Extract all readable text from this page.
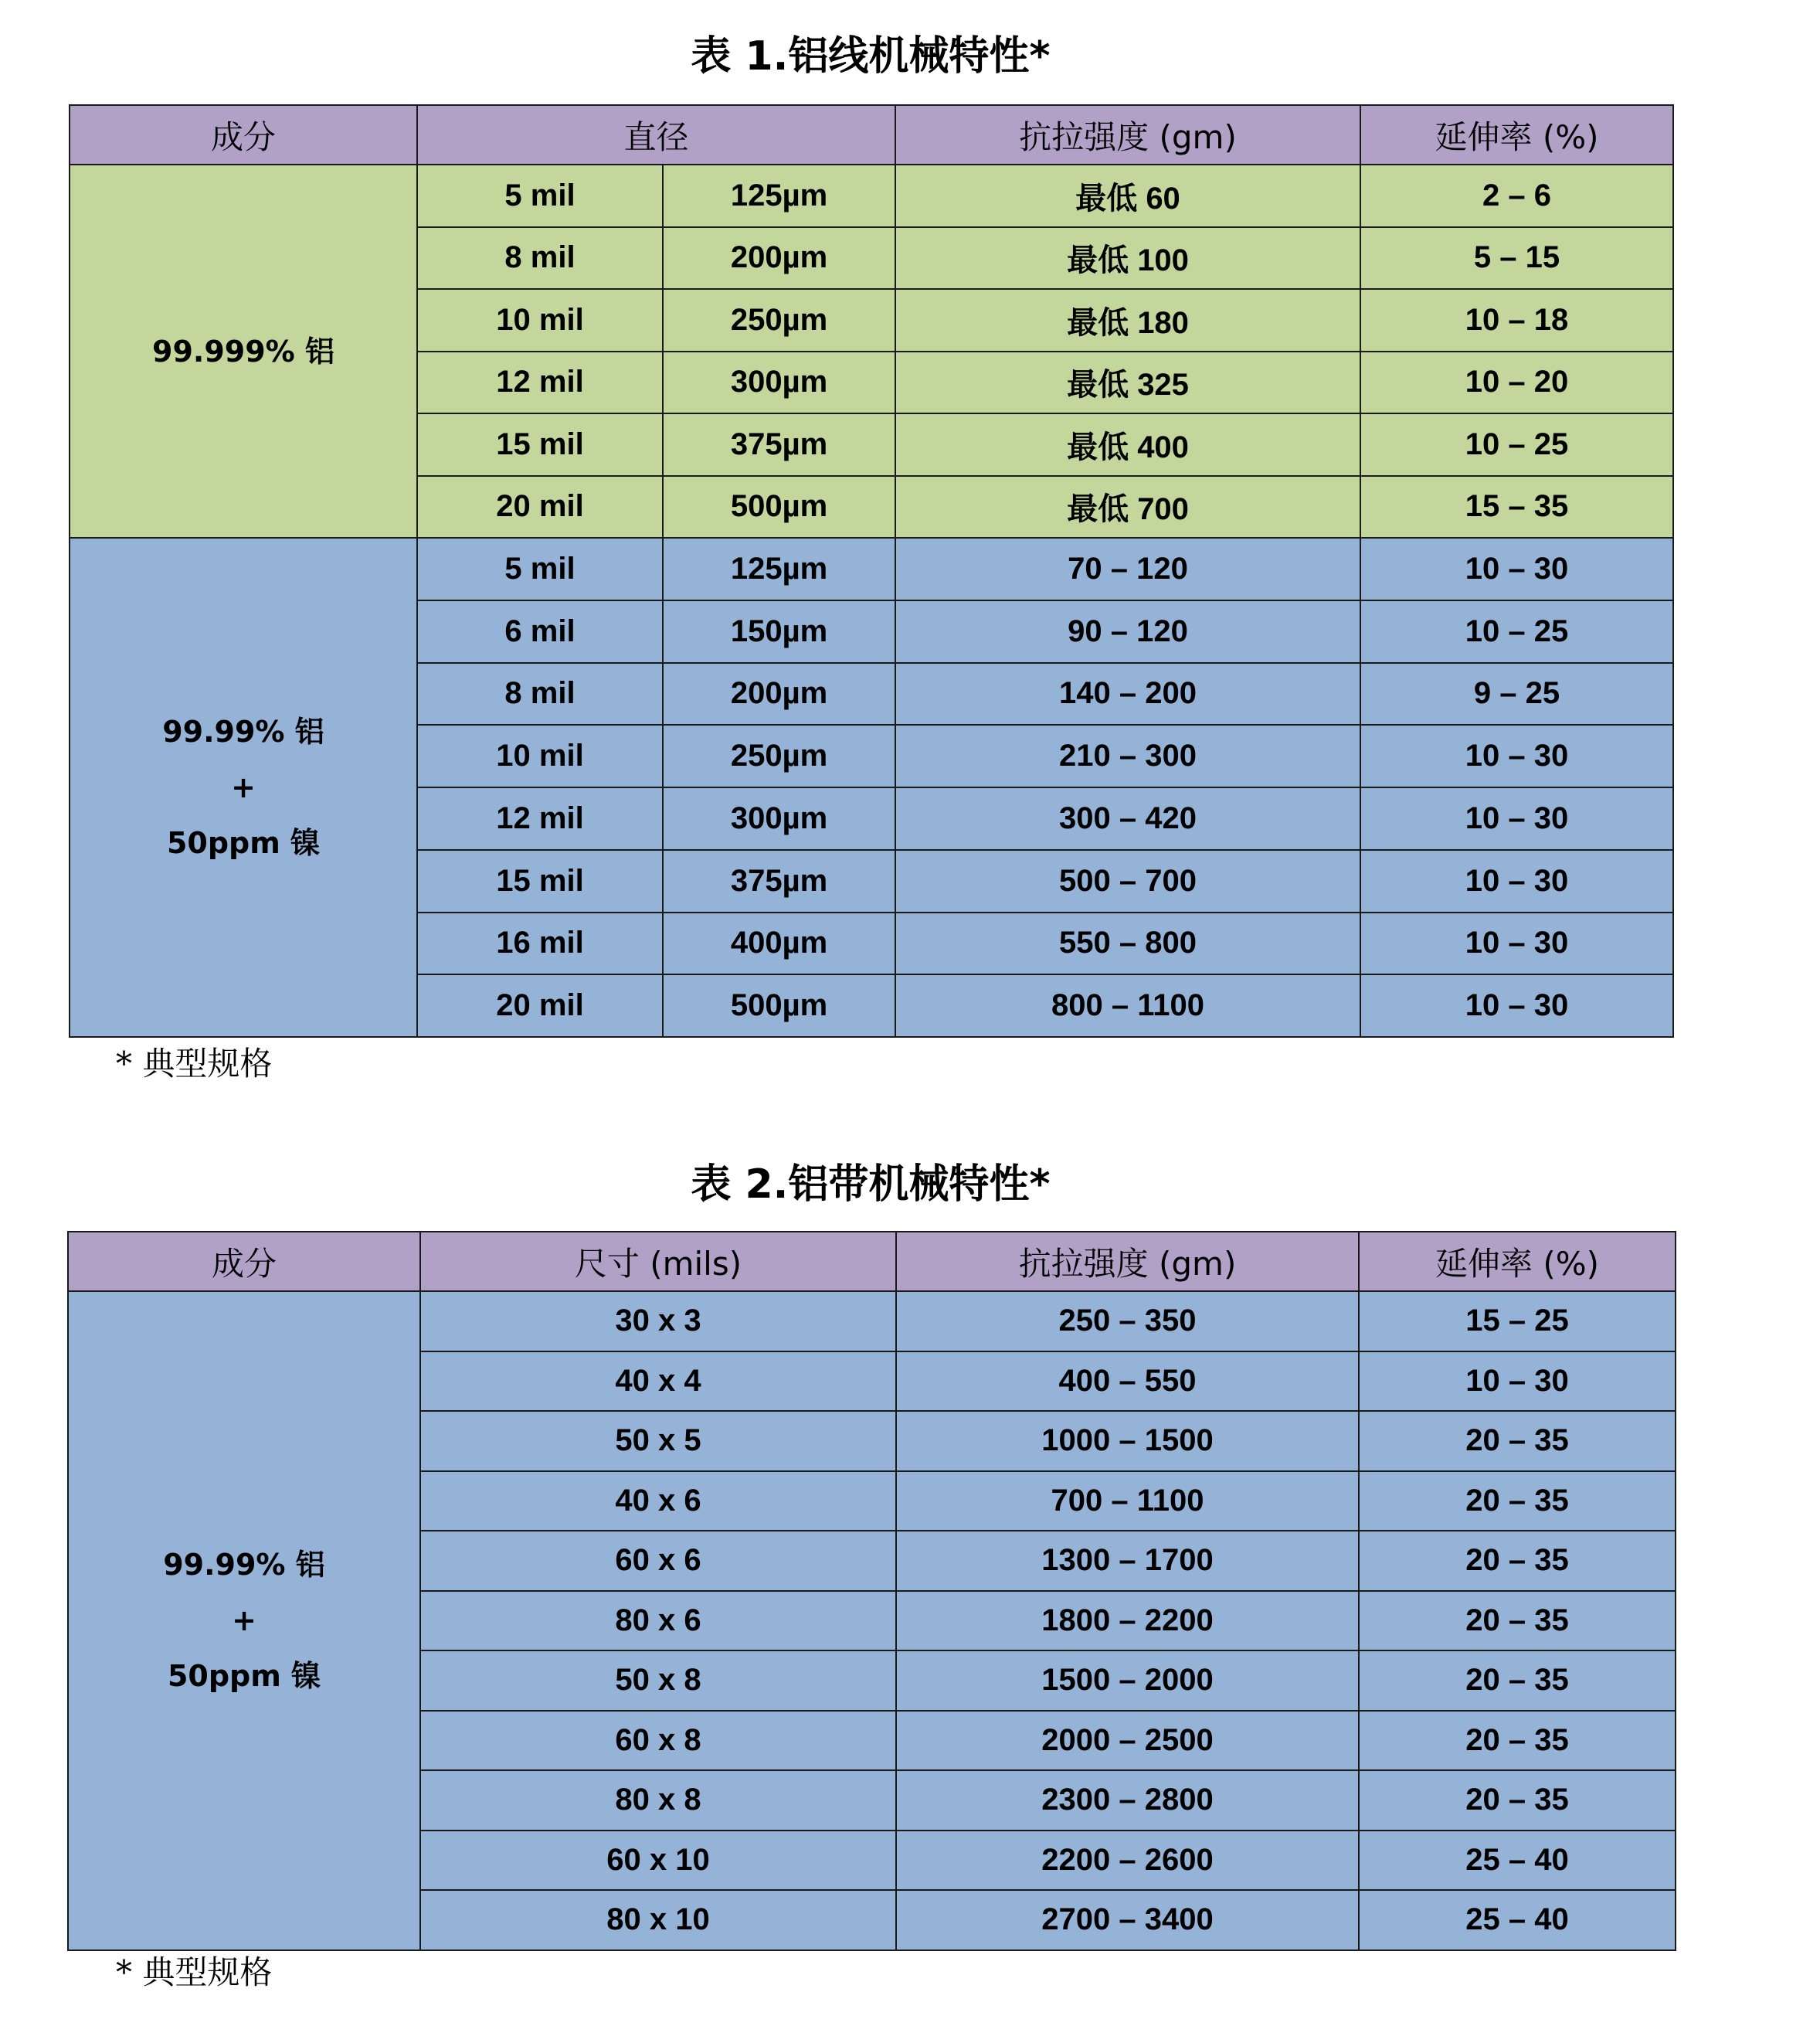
表 1.铝线机械特性*
成分	直径		抗拉强度 (gm)	延伸率 (%)

99.999% 铝	5 mil	125µm	最低 60	2 – 6
	8 mil	200µm	最低 100	5 – 15
	10 mil	250µm	最低 180	10 – 18
	12 mil	300µm	最低 325	10 – 20
	15 mil	375µm	最低 400	10 – 25
	20 mil	500µm	最低 700	15 – 35

99.99% 铝
+
50ppm 镍	5 mil	125µm	70 – 120	10 – 30
	6 mil	150µm	90 – 120	10 – 25
	8 mil	200µm	140 – 200	9 – 25
	10 mil	250µm	210 – 300	10 – 30
	12 mil	300µm	300 – 420	10 – 30
	15 mil	375µm	500 – 700	10 – 30
	16 mil	400µm	550 – 800	10 – 30
	20 mil	500µm	800 – 1100	10 – 30
* 典型规格
表 2.铝带机械特性*
成分	尺寸 (mils)	抗拉强度 (gm)	延伸率 (%)

99.99% 铝
+
50ppm 镍	30 x 3	250 – 350	15 – 25
	40 x 4	400 – 550	10 – 30
	50 x 5	1000 – 1500	20 – 35
	40 x 6	700 – 1100	20 – 35
	60 x 6	1300 – 1700	20 – 35
	80 x 6	1800 – 2200	20 – 35
	50 x 8	1500 – 2000	20 – 35
	60 x 8	2000 – 2500	20 – 35
	80 x 8	2300 – 2800	20 – 35
	60 x 10	2200 – 2600	25 – 40
	80 x 10	2700 – 3400	25 – 40
* 典型规格
